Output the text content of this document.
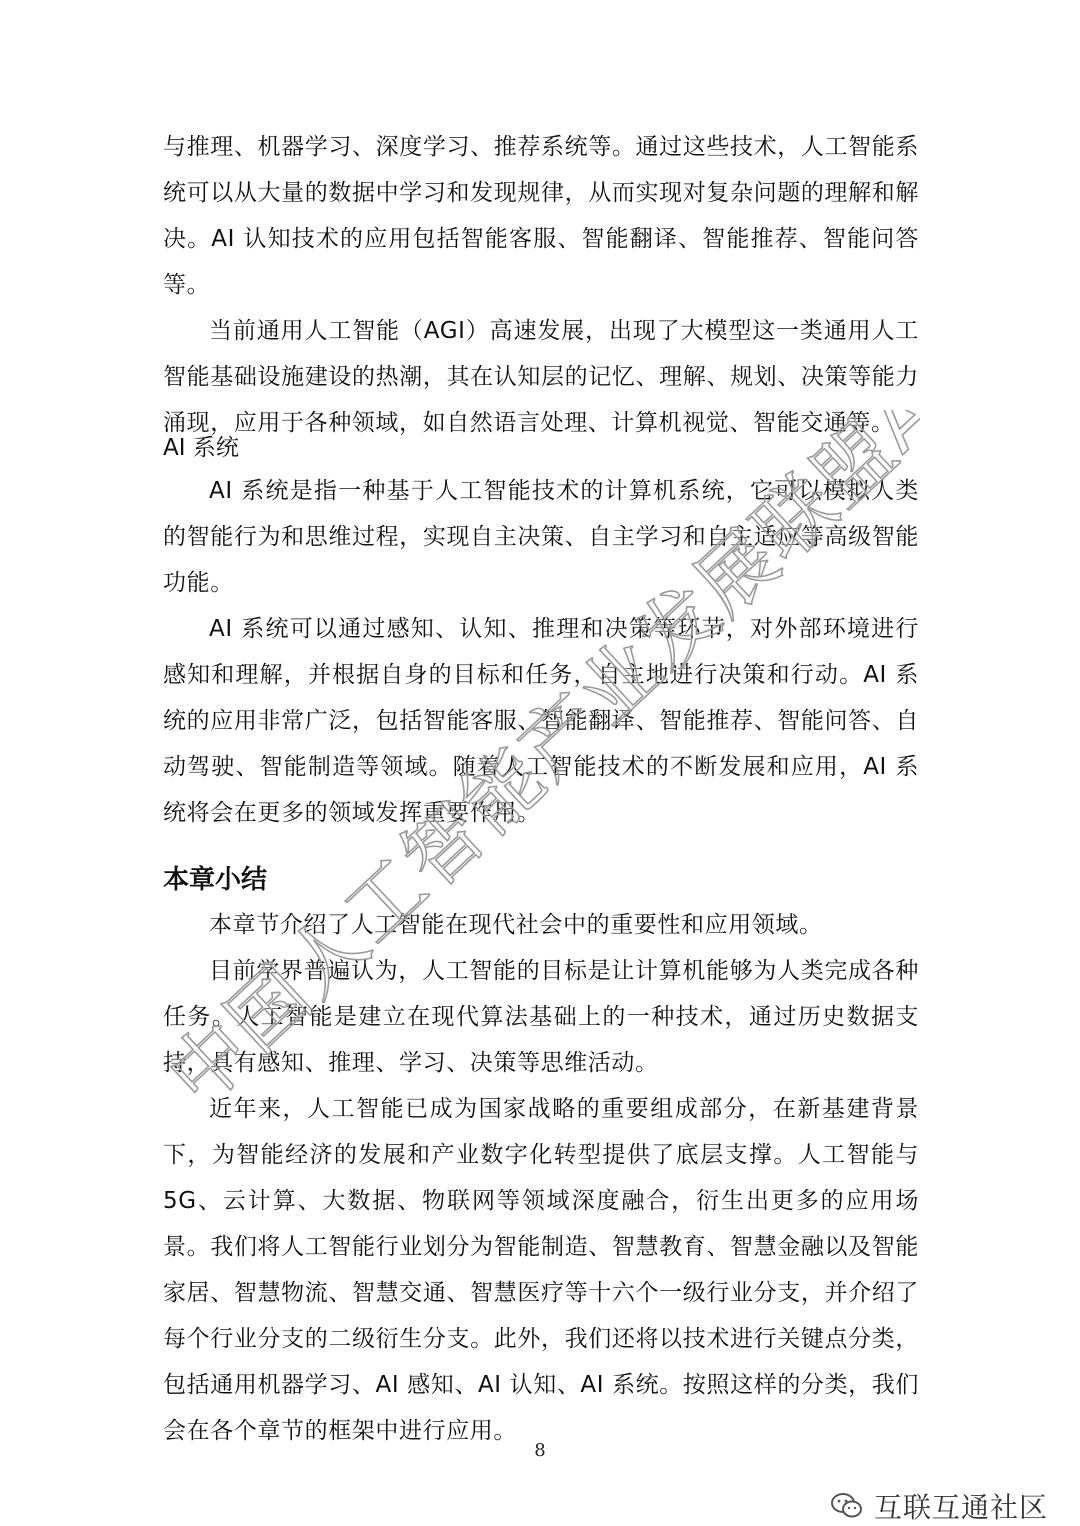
与推理、机器学习、深度学习、推荐系统等。通过这些技术，人工智能系统可以从大量的数据中学习和发现规律，从而实现对复杂问题的理解和解决。AI 认知技术的应用包括智能客服、智能翻译、智能推荐、智能问答等。

当前通用人工智能（AGI）高速发展，出现了大模型这一类通用人工智能基础设施建设的热潮，其在认知层的记忆、理解、规划、决策等能力涌现，应用于各种领域，如自然语言处理、计算机视觉、智能交通等。

AI 系统

AI 系统是指一种基于人工智能技术的计算机系统，它可以模拟人类的智能行为和思维过程，实现自主决策、自主学习和自主适应等高级智能功能。

AI 系统可以通过感知、认知、推理和决策等环节，对外部环境进行感知和理解，并根据自身的目标和任务，自主地进行决策和行动。AI 系统的应用非常广泛，包括智能客服、智能翻译、智能推荐、智能问答、自动驾驶、智能制造等领域。随着人工智能技术的不断发展和应用，AI 系统将会在更多的领域发挥重要作用。

本章小结

本章节介绍了人工智能在现代社会中的重要性和应用领域。

目前学界普遍认为，人工智能的目标是让计算机能够为人类完成各种任务。人工智能是建立在现代算法基础上的一种技术，通过历史数据支持，具有感知、推理、学习、决策等思维活动。

近年来，人工智能已成为国家战略的重要组成部分，在新基建背景下，为智能经济的发展和产业数字化转型提供了底层支撑。人工智能与 5G、云计算、大数据、物联网等领域深度融合，衍生出更多的应用场景。我们将人工智能行业划分为智能制造、智慧教育、智慧金融以及智能家居、智慧物流、智慧交通、智慧医疗等十六个一级行业分支，并介绍了每个行业分支的二级衍生分支。此外，我们还将以技术进行关键点分类，包括通用机器学习、AI 感知、AI 认知、AI 系统。按照这样的分类，我们会在各个章节的框架中进行应用。

中国人工智能产业发展联盟AIIA
8
互联互通社区
